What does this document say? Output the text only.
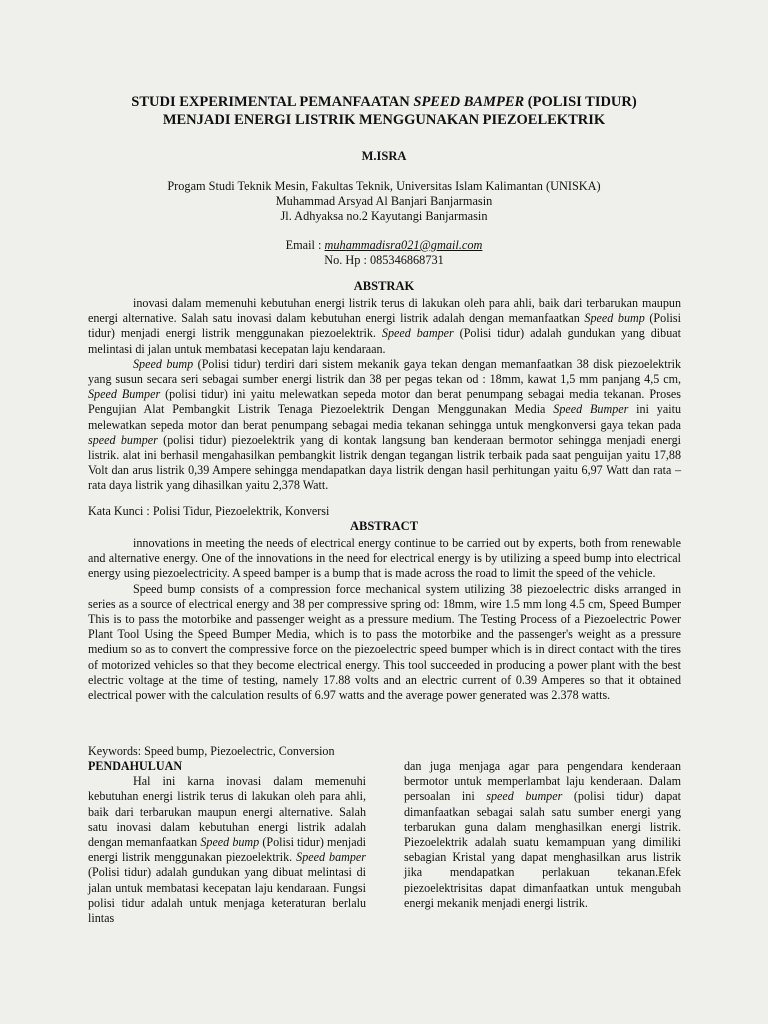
STUDI EXPERIMENTAL PEMANFAATAN SPEED BAMPER (POLISI TIDUR)
MENJADI ENERGI LISTRIK MENGGUNAKAN PIEZOELEKTRIK
M.ISRA
Progam Studi Teknik Mesin, Fakultas Teknik, Universitas Islam Kalimantan (UNISKA)
Muhammad Arsyad Al Banjari Banjarmasin
Jl. Adhyaksa no.2 Kayutangi Banjarmasin
Email : muhammadisra021@gmail.com
No. Hp : 085346868731
ABSTRAK

inovasi dalam memenuhi kebutuhan energi listrik terus di lakukan oleh para ahli, baik dari terbarukan maupun energi alternative. Salah satu inovasi dalam kebutuhan energi listrik adalah dengan memanfaatkan Speed bump (Polisi tidur) menjadi energi listrik menggunakan piezoelektrik. Speed bamper (Polisi tidur) adalah gundukan yang dibuat melintasi di jalan untuk membatasi kecepatan laju kendaraan.

Speed bump (Polisi tidur) terdiri dari sistem mekanik gaya tekan dengan memanfaatkan 38 disk piezoelektrik yang susun secara seri sebagai sumber energi listrik dan 38 per pegas tekan od : 18mm, kawat 1,5 mm panjang 4,5 cm, Speed Bumper (polisi tidur) ini yaitu melewatkan sepeda motor dan berat penumpang sebagai media tekanan. Proses Pengujian Alat Pembangkit Listrik Tenaga Piezoelektrik Dengan Menggunakan Media Speed Bumper ini yaitu melewatkan sepeda motor dan berat penumpang sebagai media tekanan sehingga untuk mengkonversi gaya tekan pada speed bumper (polisi tidur) piezoelektrik yang di kontak langsung ban kenderaan bermotor sehingga menjadi energi listrik. alat ini berhasil mengahasilkan pembangkit listrik dengan tegangan listrik terbaik pada saat penguijan yaitu 17,88 Volt dan arus listrik 0,39 Ampere sehingga mendapatkan daya listrik dengan hasil perhitungan yaitu 6,97 Watt dan rata – rata daya listrik yang dihasilkan yaitu 2,378 Watt.

Kata Kunci : Polisi Tidur, Piezoelektrik, Konversi
ABSTRACT

innovations in meeting the needs of electrical energy continue to be carried out by experts, both from renewable and alternative energy. One of the innovations in the need for electrical energy is by utilizing a speed bump into electrical energy using piezoelectricity. A speed bamper is a bump that is made across the road to limit the speed of the vehicle.

Speed bump consists of a compression force mechanical system utilizing 38 piezoelectric disks arranged in series as a source of electrical energy and 38 per compressive spring od: 18mm, wire 1.5 mm long 4.5 cm, Speed Bumper This is to pass the motorbike and passenger weight as a pressure medium. The Testing Process of a Piezoelectric Power Plant Tool Using the Speed Bumper Media, which is to pass the motorbike and the passenger's weight as a pressure medium so as to convert the compressive force on the piezoelectric speed bumper which is in direct contact with the tires of motorized vehicles so that they become electrical energy. This tool succeeded in producing a power plant with the best electric voltage at the time of testing, namely 17.88 volts and an electric current of 0.39 Amperes so that it obtained electrical power with the calculation results of 6.97 watts and the average power generated was 2.378 watts.

Keywords: Speed bump, Piezoelectric, Conversion
PENDAHULUAN

Hal ini karna inovasi dalam memenuhi kebutuhan energi listrik terus di lakukan oleh para ahli, baik dari terbarukan maupun energi alternative. Salah satu inovasi dalam kebutuhan energi listrik adalah dengan memanfaatkan Speed bump (Polisi tidur) menjadi energi listrik menggunakan piezoelektrik. Speed bamper (Polisi tidur) adalah gundukan yang dibuat melintasi di jalan untuk membatasi kecepatan laju kendaraan. Fungsi polisi tidur adalah untuk menjaga keteraturan berlalu lintas

dan juga menjaga agar para pengendara kenderaan bermotor untuk memperlambat laju kenderaan. Dalam persoalan ini speed bumper (polisi tidur) dapat dimanfaatkan sebagai salah satu sumber energi yang terbarukan guna dalam menghasilkan energi listrik. Piezoelektrik adalah suatu kemampuan yang dimiliki sebagian Kristal yang dapat menghasilkan arus listrik jika mendapatkan perlakuan tekanan.Efek piezoelektrisitas dapat dimanfaatkan untuk mengubah energi mekanik menjadi energi listrik.
